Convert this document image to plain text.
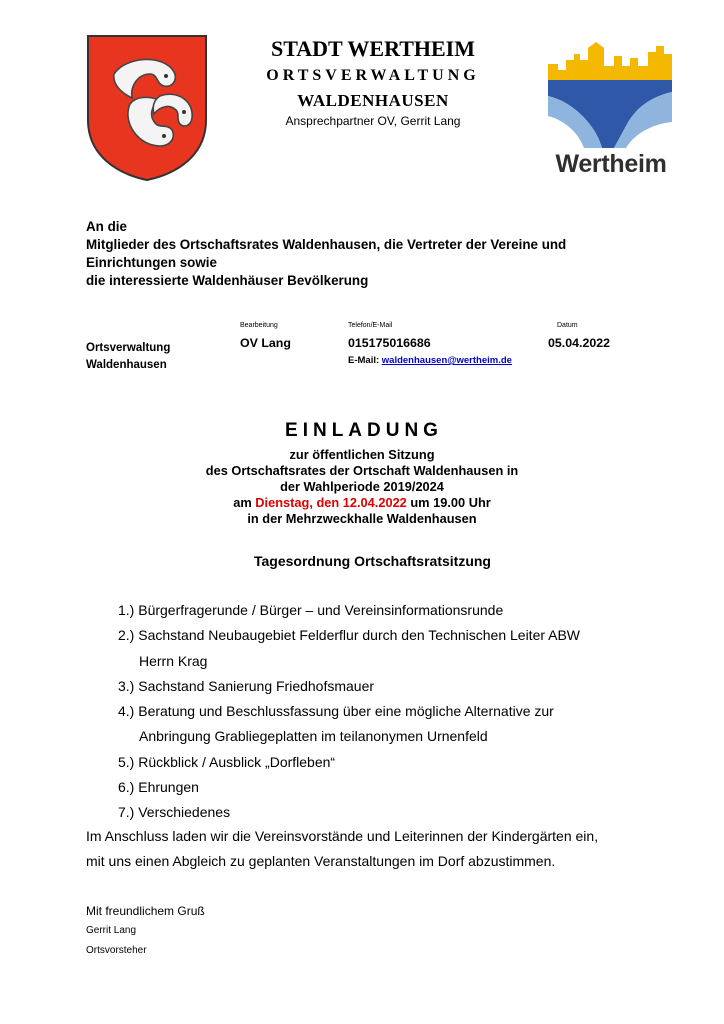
STADT WERTHEIM
ORTSVERWALTUNG
WALDENHAUSEN
Ansprechpartner OV, Gerrit Lang
Wertheim
An die
Mitglieder des Ortschaftsrates Waldenhausen, die Vertreter der Vereine und
Einrichtungen sowie
die interessierte Waldenhäuser Bevölkerung
Bearbeitung	Telefon/E-Mail	Datum
Ortsverwaltung
Waldenhausen
OV Lang	015175016686	05.04.2022
E-Mail: waldenhausen@wertheim.de
EINLADUNG
zur öffentlichen Sitzung
des Ortschaftsrates der Ortschaft Waldenhausen in
der Wahlperiode 2019/2024
am Dienstag, den 12.04.2022 um 19.00 Uhr
in der Mehrzweckhalle Waldenhausen
Tagesordnung Ortschaftsratsitzung
1.) Bürgerfragerunde / Bürger – und Vereinsinformationsrunde
2.) Sachstand Neubaugebiet Felderflur durch den Technischen Leiter ABW
Herrn Krag
3.) Sachstand Sanierung Friedhofsmauer
4.) Beratung und Beschlussfassung über eine mögliche Alternative zur
Anbringung Grabliegeplatten im teilanonymen Urnenfeld
5.) Rückblick / Ausblick „Dorfleben“
6.) Ehrungen
7.) Verschiedenes
Im Anschluss laden wir die Vereinsvorstände und Leiterinnen der Kindergärten ein,
mit uns einen Abgleich zu geplanten Veranstaltungen im Dorf abzustimmen.
Mit freundlichem Gruß
Gerrit Lang
Ortsvorsteher
